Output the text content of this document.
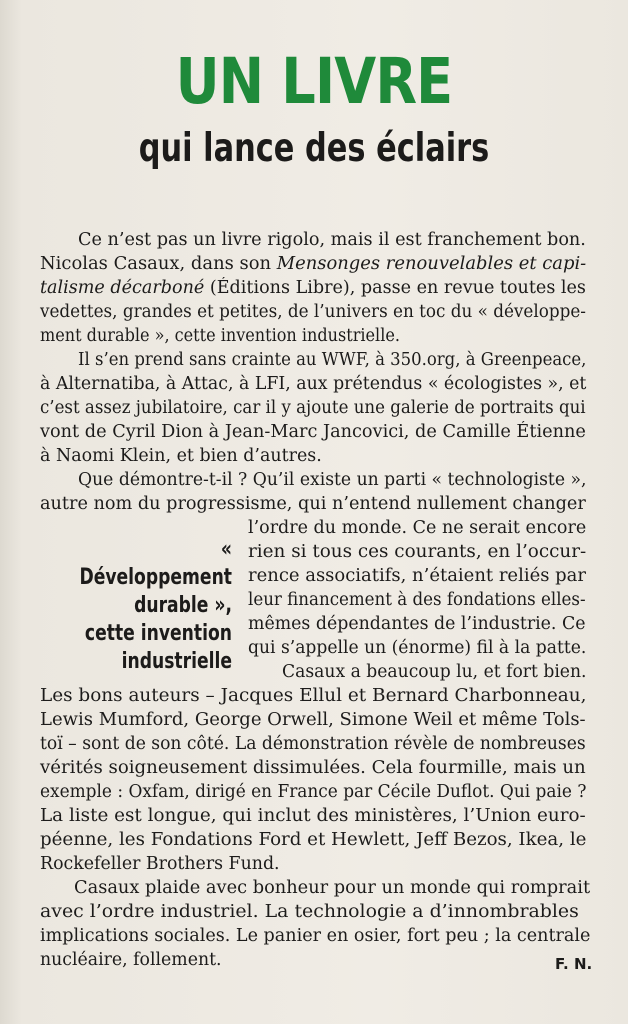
UN LIVRE
qui lance des éclairs
Ce n’est pas un livre rigolo, mais il est franchement bon.
Nicolas Casaux, dans son Mensonges renouvelables et capi-
talisme décarboné (Éditions Libre), passe en revue toutes les
vedettes, grandes et petites, de l’univers en toc du « développe-
ment durable », cette invention industrielle.
Il s’en prend sans crainte au WWF, à 350.org, à Greenpeace,
à Alternatiba, à Attac, à LFI, aux prétendus « écologistes », et
c’est assez jubilatoire, car il y ajoute une galerie de portraits qui
vont de Cyril Dion à Jean-Marc Jancovici, de Camille Étienne
à Naomi Klein, et bien d’autres.
Que démontre-t-il ? Qu’il existe un parti « technologiste »,
autre nom du progressisme, qui n’entend nullement changer
l’ordre du monde. Ce ne serait encore
rien si tous ces courants, en l’occur-
rence associatifs, n’étaient reliés par
leur financement à des fondations elles-
mêmes dépendantes de l’industrie. Ce
qui s’appelle un (énorme) fil à la patte.
Casaux a beaucoup lu, et fort bien.
Les bons auteurs – Jacques Ellul et Bernard Charbonneau,
Lewis Mumford, George Orwell, Simone Weil et même Tols-
toï – sont de son côté. La démonstration révèle de nombreuses
vérités soigneusement dissimulées. Cela fourmille, mais un
exemple : Oxfam, dirigé en France par Cécile Duflot. Qui paie ?
La liste est longue, qui inclut des ministères, l’Union euro-
péenne, les Fondations Ford et Hewlett, Jeff Bezos, Ikea, le
Rockefeller Brothers Fund.
Casaux plaide avec bonheur pour un monde qui romprait
avec l’ordre industriel. La technologie a d’innombrables
implications sociales. Le panier en osier, fort peu ; la centrale
nucléaire, follement.
« Développement
durable »,
cette invention
industrielle
F. N.
